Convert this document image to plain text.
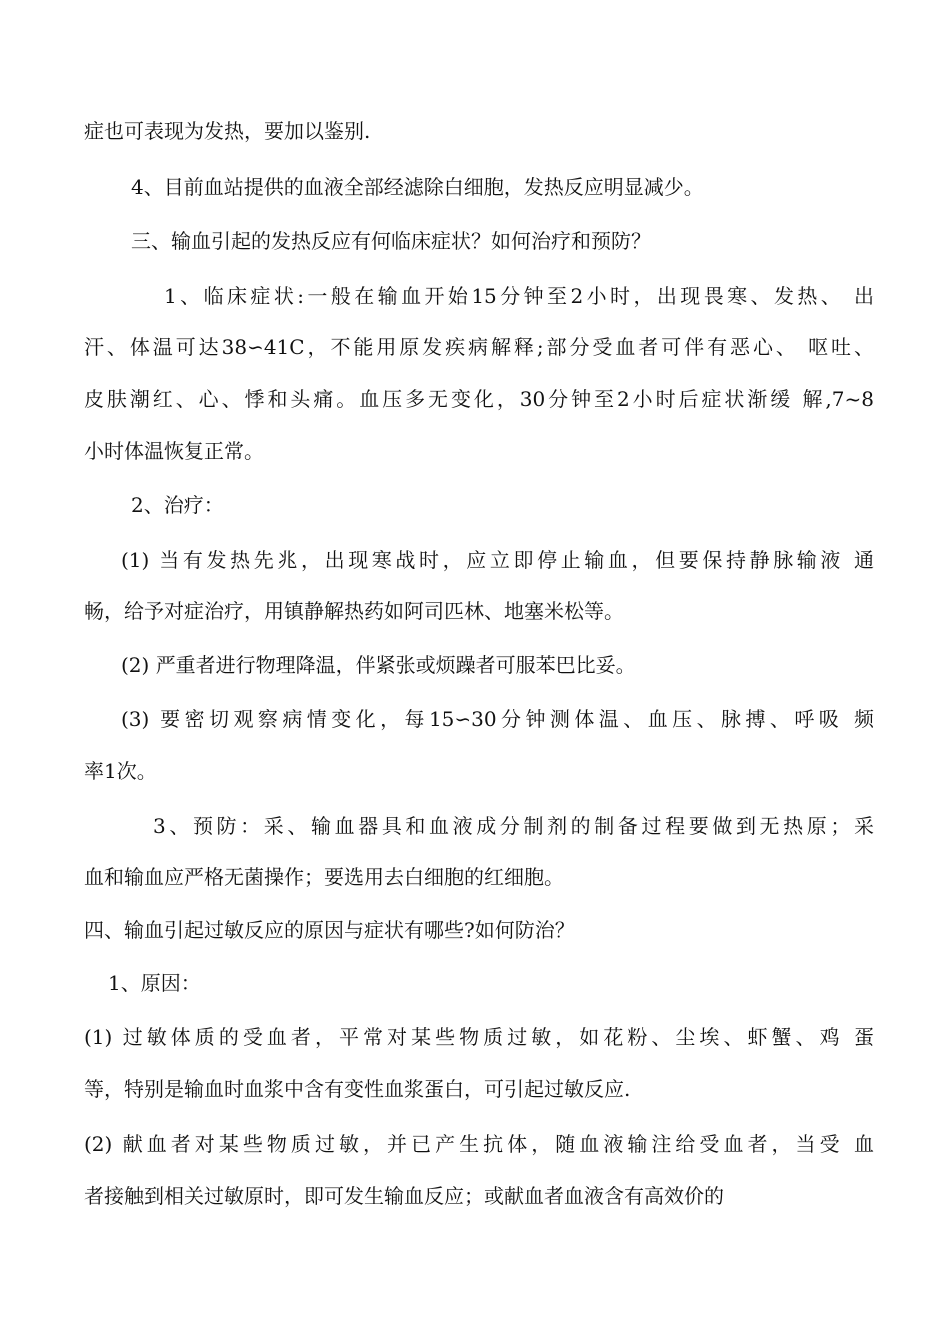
症也可表现为发热，要加以鉴别.
4、目前血站提供的血液全部经滤除白细胞，发热反应明显减少。
三、输血引起的发热反应有何临床症状？如何治疗和预防？
1、临床症状:一般在输血开始15分钟至2小时，出现畏寒、发热、 出
汗、体温可达38∽41C，不能用原发疾病解释;部分受血者可伴有恶心、 呕吐、
皮肤潮红、心、悸和头痛。血压多无变化，30分钟至2小时后症状渐缓 解,7~8
小时体温恢复正常。
2、治疗：
(1) 当有发热先兆，出现寒战时，应立即停止输血，但要保持静脉输液 通
畅，给予对症治疗，用镇静解热药如阿司匹林、地塞米松等。
(2) 严重者进行物理降温，伴紧张或烦躁者可服苯巴比妥。
(3) 要密切观察病情变化，每15∽30分钟测体温、血压、脉搏、呼吸 频
率1次。
3、预防：采、输血器具和血液成分制剂的制备过程要做到无热原；采
血和输血应严格无菌操作；要选用去白细胞的红细胞。
四、输血引起过敏反应的原因与症状有哪些?如何防治？
1、原因：
(1) 过敏体质的受血者，平常对某些物质过敏，如花粉、尘埃、虾蟹、鸡 蛋
等，特别是输血时血浆中含有变性血浆蛋白，可引起过敏反应.
(2) 献血者对某些物质过敏，并已产生抗体，随血液输注给受血者，当受 血
者接触到相关过敏原时，即可发生输血反应；或献血者血液含有高效价的
